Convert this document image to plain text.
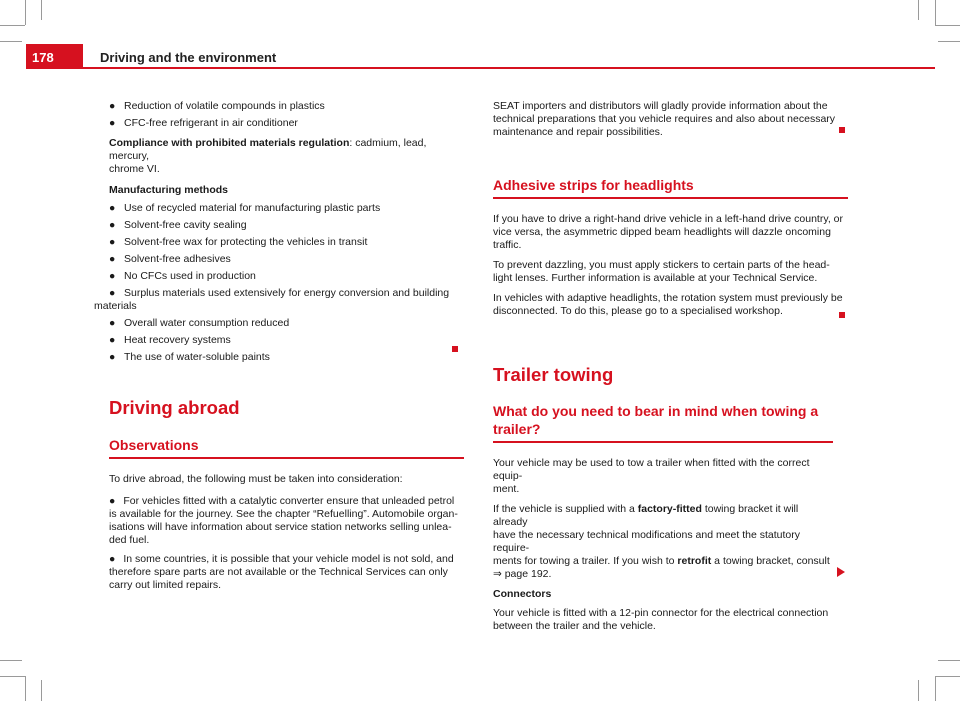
178	Driving and the environment
● Reduction of volatile compounds in plastics
● CFC-free refrigerant in air conditioner

Compliance with prohibited materials regulation: cadmium, lead, mercury,
chrome VI.

Manufacturing methods

● Use of recycled material for manufacturing plastic parts
● Solvent-free cavity sealing
● Solvent-free wax for protecting the vehicles in transit
● Solvent-free adhesives
● No CFCs used in production
● Surplus materials used extensively for energy conversion and building

materials

● Overall water consumption reduced
● Heat recovery systems
● The use of water-soluble paints
Driving abroad
Observations

To drive abroad, the following must be taken into consideration:

● For vehicles fitted with a catalytic converter ensure that unleaded petrol
is available for the journey. See the chapter “Refuelling”. Automobile organ-
isations will have information about service station networks selling unlea-
ded fuel.
● In some countries, it is possible that your vehicle model is not sold, and
therefore spare parts are not available or the Technical Services can only
carry out limited repairs.

SEAT importers and distributors will gladly provide information about the
technical preparations that you vehicle requires and also about necessary
maintenance and repair possibilities.

Adhesive strips for headlights

If you have to drive a right-hand drive vehicle in a left-hand drive country, or
vice versa, the asymmetric dipped beam headlights will dazzle oncoming
traffic.

To prevent dazzling, you must apply stickers to certain parts of the head-
light lenses. Further information is available at your Technical Service.

In vehicles with adaptive headlights, the rotation system must previously be
disconnected. To do this, please go to a specialised workshop.

Trailer towing
What do you need to bear in mind when towing a trailer?

Your vehicle may be used to tow a trailer when fitted with the correct equip-
ment.

If the vehicle is supplied with a factory-fitted towing bracket it will already
have the necessary technical modifications and meet the statutory require-
ments for towing a trailer. If you wish to retrofit a towing bracket, consult
⇒ page 192.

Connectors

Your vehicle is fitted with a 12-pin connector for the electrical connection
between the trailer and the vehicle.
